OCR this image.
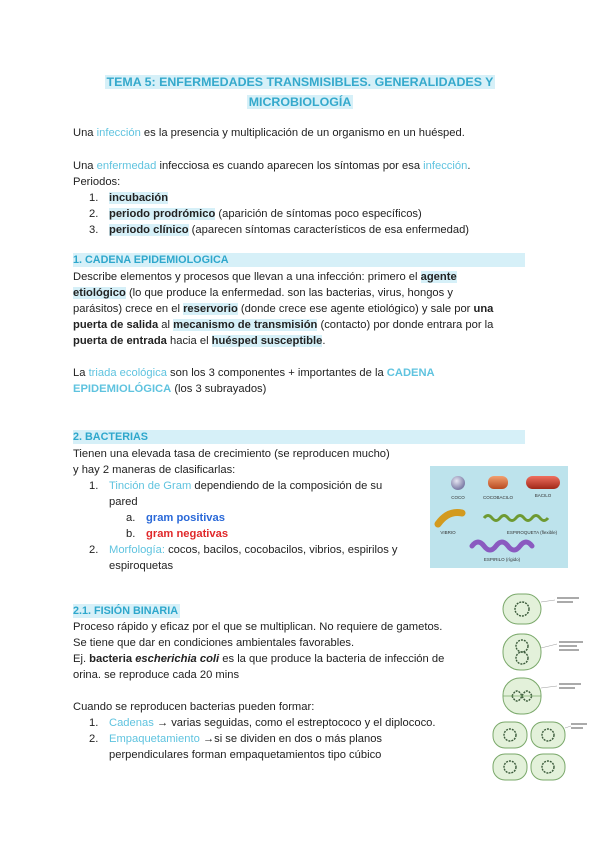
TEMA 5: ENFERMEDADES TRANSMISIBLES. GENERALIDADES Y
MICROBIOLOGÍA
Una infección es la presencia y multiplicación de un organismo en un huésped.
Una enfermedad infecciosa es cuando aparecen los síntomas por esa infección.
Periodos:
1. incubación
2. periodo prodrómico (aparición de síntomas poco específicos)
3. periodo clínico (aparecen síntomas característicos de esa enfermedad)
1. CADENA EPIDEMIOLOGICA
Describe elementos y procesos que llevan a una infección: primero el agente
etiológico (lo que produce la enfermedad. son las bacterias, virus, hongos y
parásitos) crece en el reservorio (donde crece ese agente etiológico) y sale por una
puerta de salida al mecanismo de transmisión (contacto) por donde entrara por la
puerta de entrada hacia el huésped susceptible.
La triada ecológica son los 3 componentes + importantes de la CADENA
EPIDEMIOLÓGICA (los 3 subrayados)
2. BACTERIAS
Tienen una elevada tasa de crecimiento (se reproducen mucho)
y hay 2 maneras de clasificarlas:
1. Tinción de Gram dependiendo de la composición de su
pared
a. gram positivas
b. gram negativas
2. Morfología: cocos, bacilos, cocobacilos, vibrios, espirilos y
espiroquetas
COCO	COCOBACILO	BACILO
VIBRIO	ESPIROQUETA (flexible)
ESPIRILO (rígido)
2.1. FISIÓN BINARIA
Proceso rápido y eficaz por el que se multiplican. No requiere de gametos.
Se tiene que dar en condiciones ambientales favorables.
Ej. bacteria escherichia coli es la que produce la bacteria de infección de
orina. se reproduce cada 20 mins
Cuando se reproducen bacterias pueden formar:
1. Cadenas → varias seguidas, como el estreptococo y el diplococo.
2. Empaquetamiento →si se dividen en dos o más planos
perpendiculares forman empaquetamientos tipo cúbico
